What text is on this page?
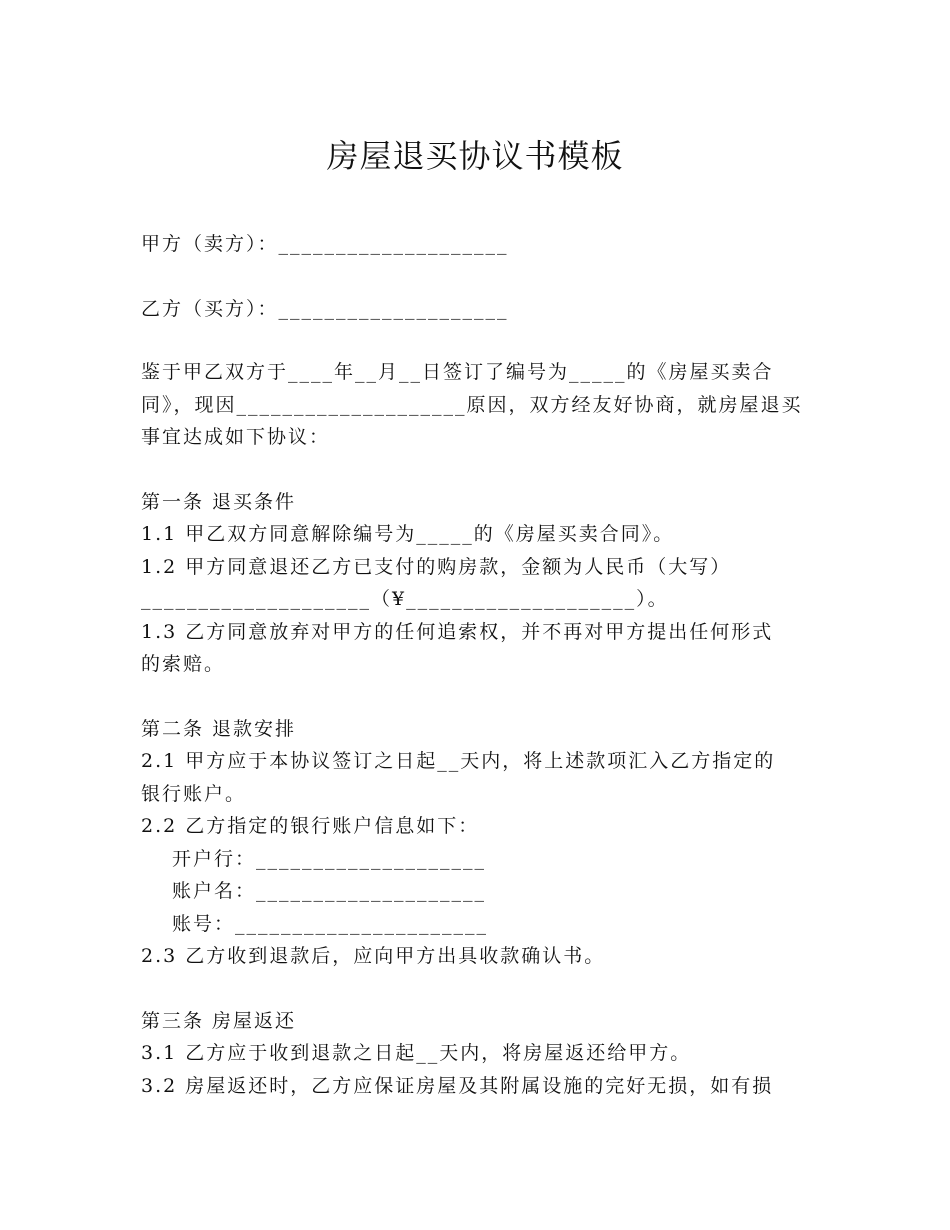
房屋退买协议书模板
甲方（卖方）：____________________
乙方（买方）：____________________
鉴于甲乙双方于____年__月__日签订了编号为_____的《房屋买卖合
同》，现因____________________原因，双方经友好协商，就房屋退买
事宜达成如下协议：
第一条 退买条件
1.1 甲乙双方同意解除编号为_____的《房屋买卖合同》。
1.2 甲方同意退还乙方已支付的购房款，金额为人民币（大写）
____________________（¥____________________）。
1.3 乙方同意放弃对甲方的任何追索权，并不再对甲方提出任何形式
的索赔。
第二条 退款安排
2.1 甲方应于本协议签订之日起__天内，将上述款项汇入乙方指定的
银行账户。
2.2 乙方指定的银行账户信息如下：
开户行：____________________
账户名：____________________
账号：______________________
2.3 乙方收到退款后，应向甲方出具收款确认书。
第三条 房屋返还
3.1 乙方应于收到退款之日起__天内，将房屋返还给甲方。
3.2 房屋返还时，乙方应保证房屋及其附属设施的完好无损，如有损
